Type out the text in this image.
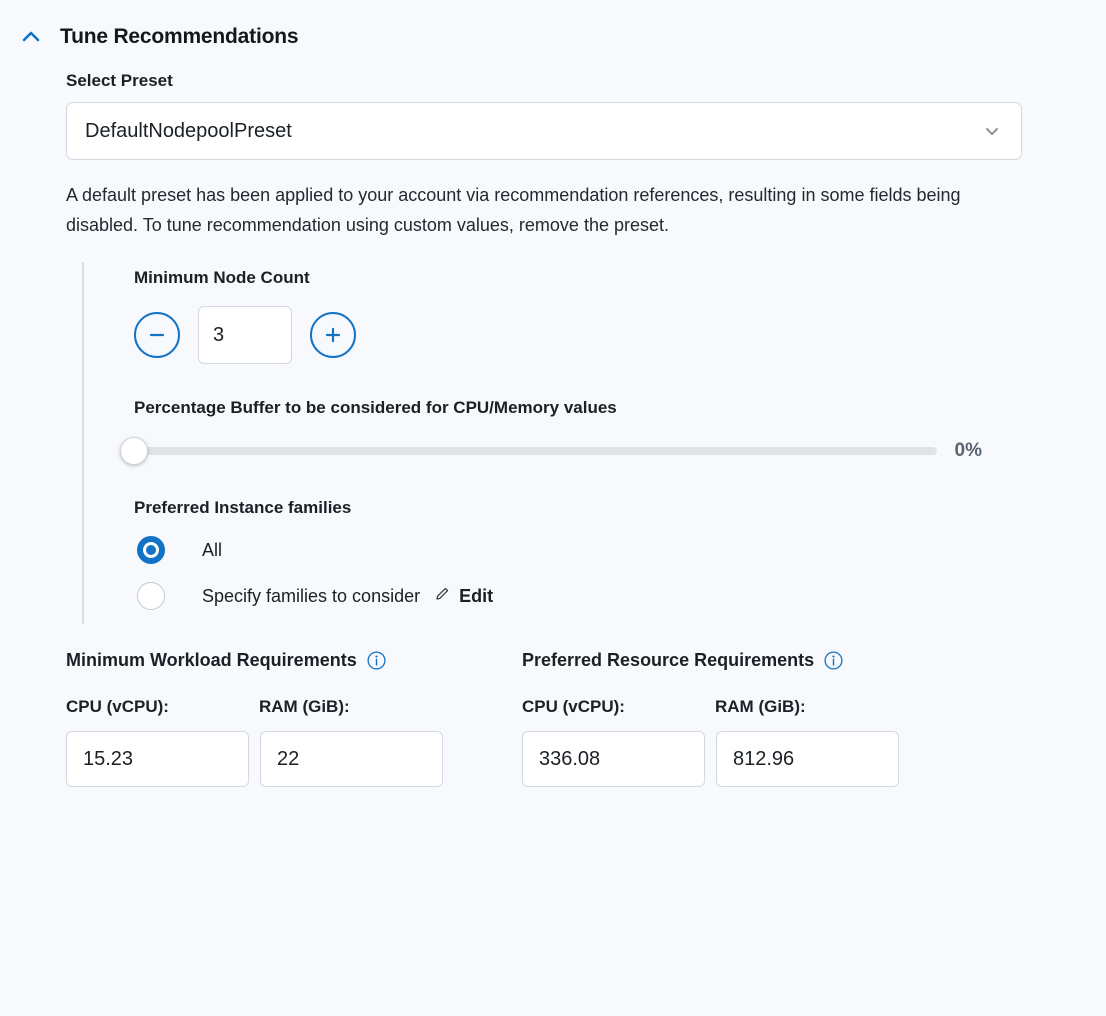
Tune Recommendations
Select Preset
DefaultNodepoolPreset
A default preset has been applied to your account via recommendation references, resulting in some fields being disabled. To tune recommendation using custom values, remove the preset.
Minimum Node Count
3
Percentage Buffer to be considered for CPU/Memory values
0%
Preferred Instance families
All
Specify families to consider Edit
Minimum Workload Requirements
CPU (vCPU):	RAM (GiB):
15.23
22
Preferred Resource Requirements
CPU (vCPU):	RAM (GiB):
336.08
812.96
